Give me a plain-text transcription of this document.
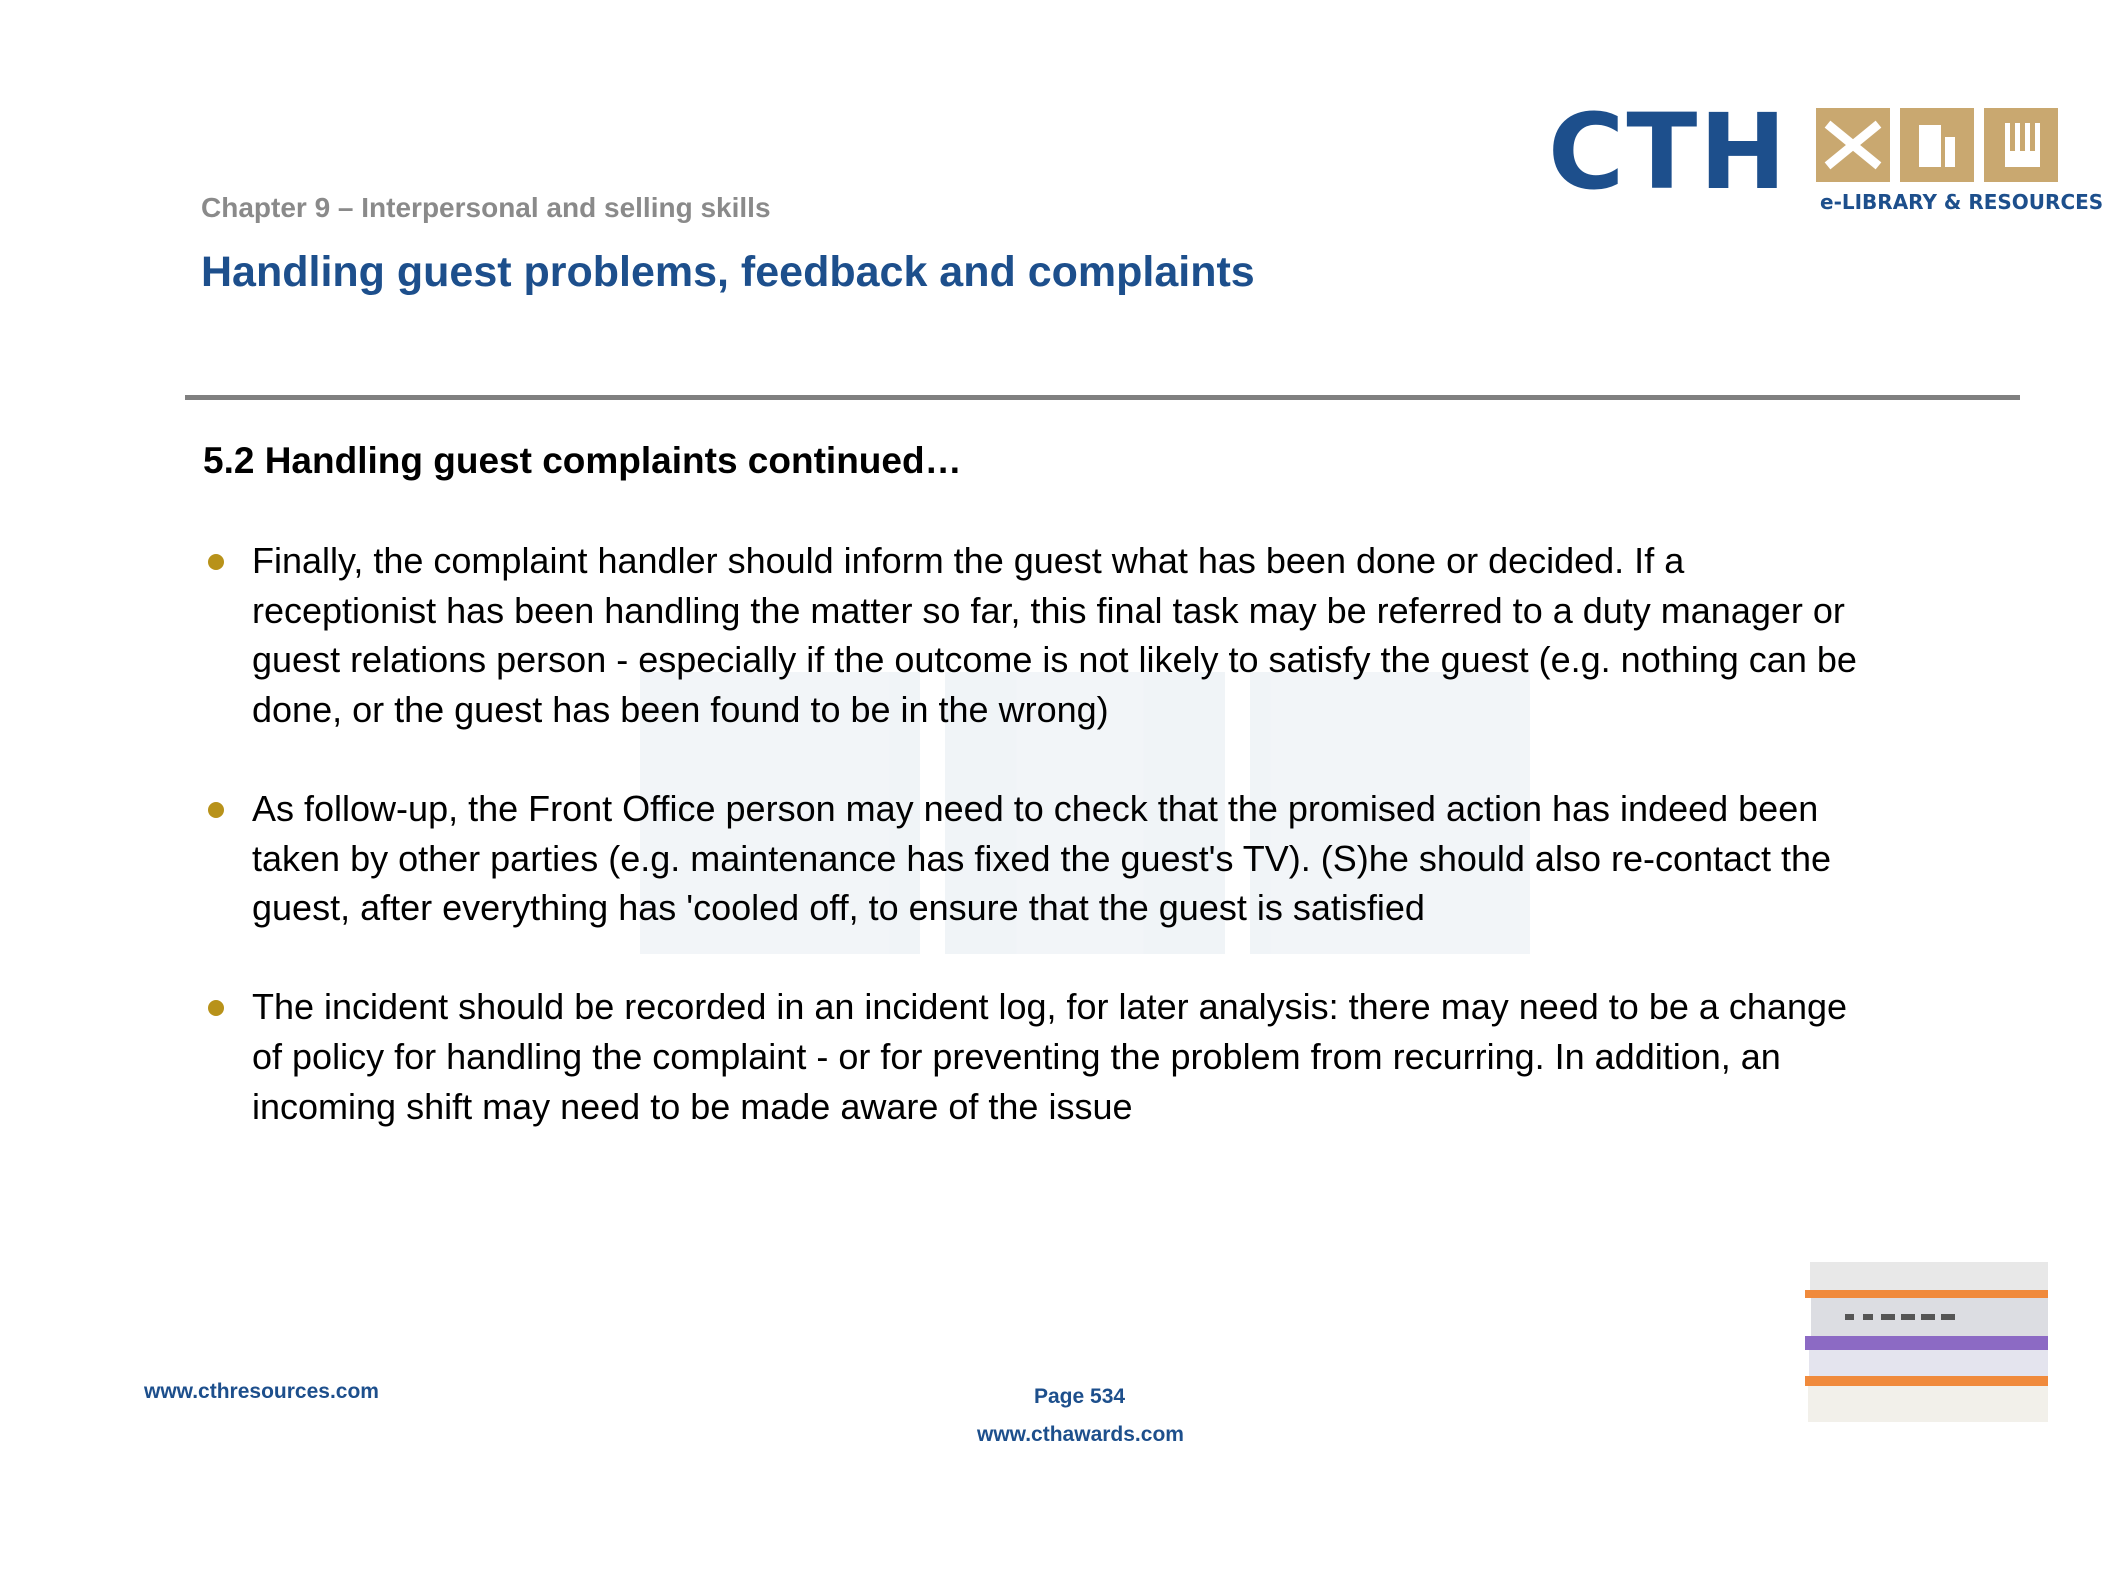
CTH e-LIBRARY & RESOURCES
Chapter 9 – Interpersonal and selling skills
Handling guest problems, feedback and complaints
5.2 Handling guest complaints continued…
Finally, the complaint handler should inform the guest what has been done or decided. If a
receptionist has been handling the matter so far, this final task may be referred to a duty manager or
guest relations person - especially if the outcome is not likely to satisfy the guest (e.g. nothing can be
done, or the guest has been found to be in the wrong)
As follow-up, the Front Office person may need to check that the promised action has indeed been
taken by other parties (e.g. maintenance has fixed the guest's TV). (S)he should also re-contact the
guest, after everything has 'cooled off, to ensure that the guest is satisfied
The incident should be recorded in an incident log, for later analysis: there may need to be a change
of policy for handling the complaint - or for preventing the problem from recurring. In addition, an
incoming shift may need to be made aware of the issue
www.cthresources.com	Page 534
www.cthawards.com
